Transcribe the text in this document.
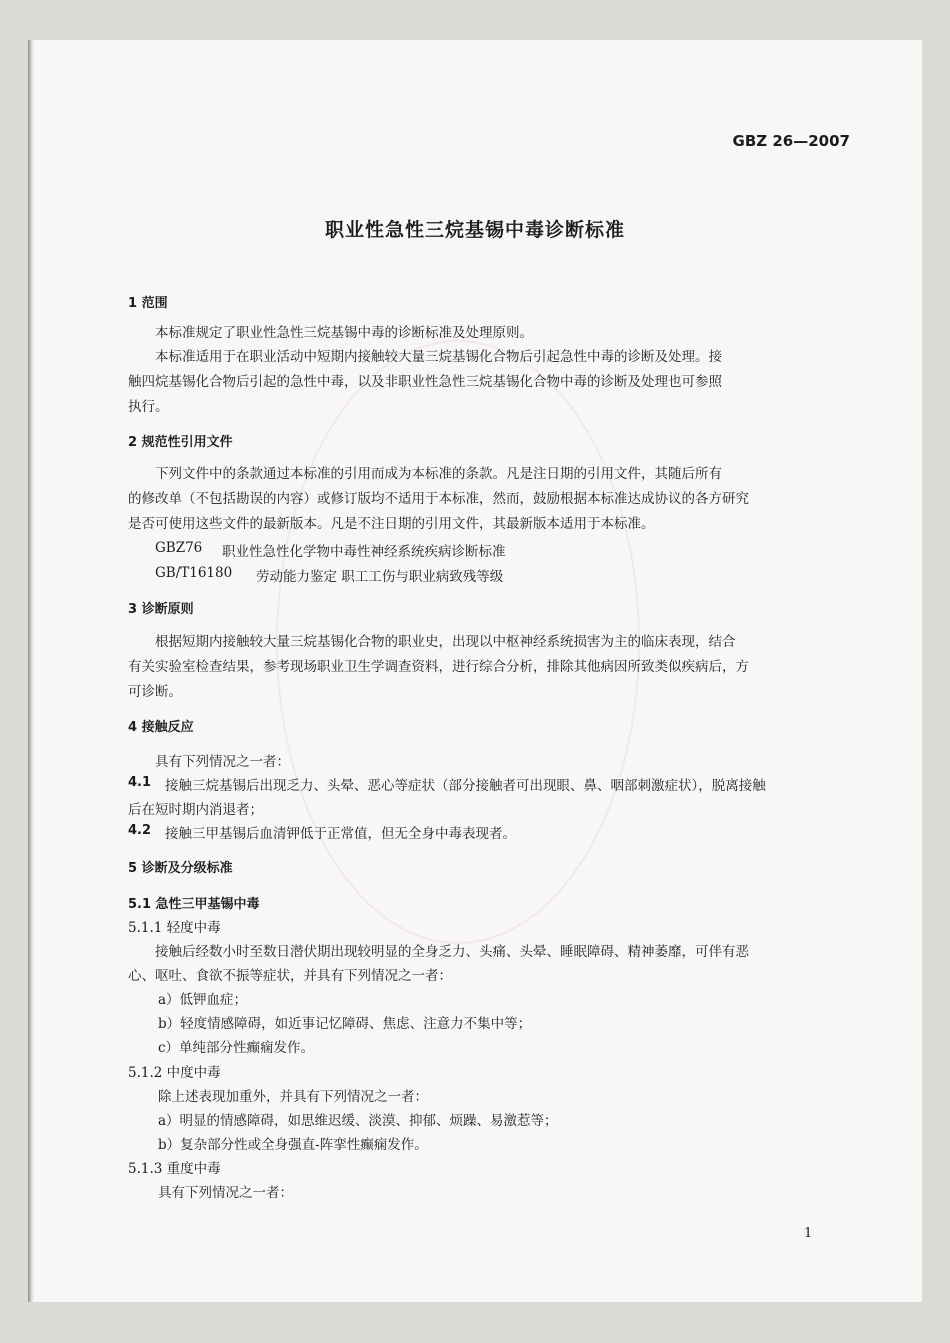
GBZ 26—2007
职业性急性三烷基锡中毒诊断标准
1 范围
本标准规定了职业性急性三烷基锡中毒的诊断标准及处理原则。
本标准适用于在职业活动中短期内接触较大量三烷基锡化合物后引起急性中毒的诊断及处理。接
触四烷基锡化合物后引起的急性中毒，以及非职业性急性三烷基锡化合物中毒的诊断及处理也可参照
执行。
2 规范性引用文件
下列文件中的条款通过本标准的引用而成为本标准的条款。凡是注日期的引用文件，其随后所有
的修改单（不包括勘误的内容）或修订版均不适用于本标准，然而，鼓励根据本标准达成协议的各方研究
是否可使用这些文件的最新版本。凡是不注日期的引用文件，其最新版本适用于本标准。
GBZ76 职业性急性化学物中毒性神经系统疾病诊断标准
GB/T16180 劳动能力鉴定 职工工伤与职业病致残等级
3 诊断原则
根据短期内接触较大量三烷基锡化合物的职业史，出现以中枢神经系统损害为主的临床表现，结合
有关实验室检查结果，参考现场职业卫生学调查资料，进行综合分析，排除其他病因所致类似疾病后，方
可诊断。
4 接触反应
具有下列情况之一者：
4.1 接触三烷基锡后出现乏力、头晕、恶心等症状（部分接触者可出现眼、鼻、咽部刺激症状），脱离接触
后在短时期内消退者；
4.2 接触三甲基锡后血清钾低于正常值，但无全身中毒表现者。
5 诊断及分级标准
5.1 急性三甲基锡中毒
5.1.1 轻度中毒
接触后经数小时至数日潜伏期出现较明显的全身乏力、头痛、头晕、睡眠障碍、精神萎靡，可伴有恶
心、呕吐、食欲不振等症状，并具有下列情况之一者：
a）低钾血症；
b）轻度情感障碍，如近事记忆障碍、焦虑、注意力不集中等；
c）单纯部分性癫痫发作。
5.1.2 中度中毒
除上述表现加重外，并具有下列情况之一者：
a）明显的情感障碍，如思维迟缓、淡漠、抑郁、烦躁、易激惹等；
b）复杂部分性或全身强直-阵挛性癫痫发作。
5.1.3 重度中毒
具有下列情况之一者：
1
